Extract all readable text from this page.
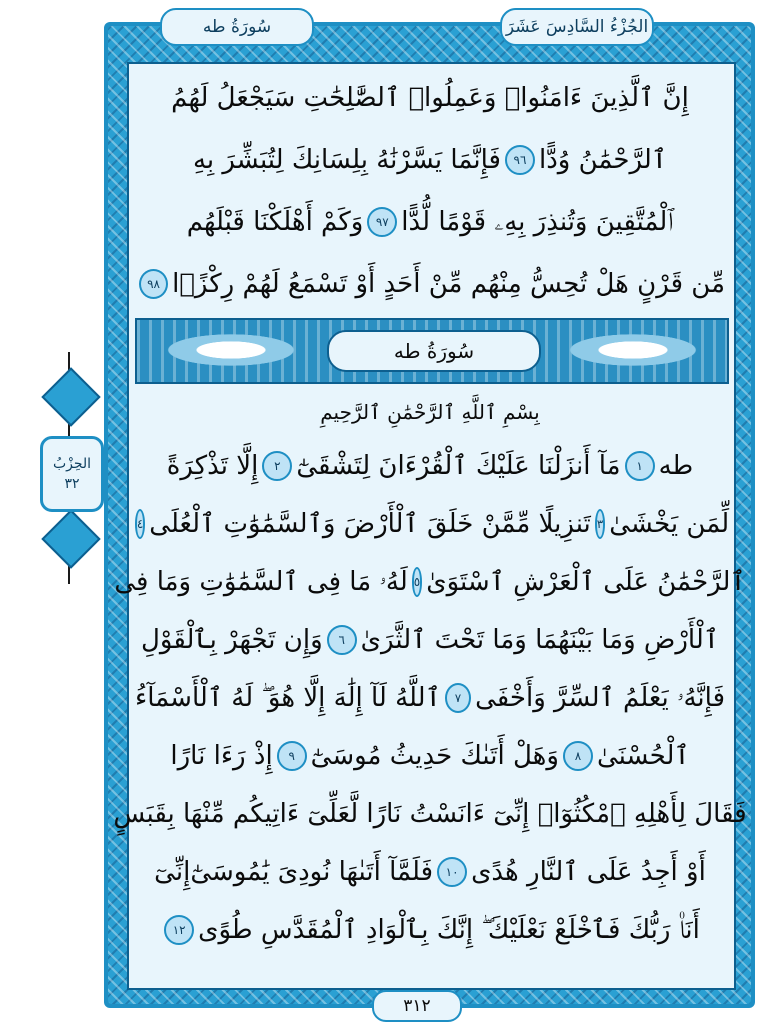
سُورَةُ طه	الجُزْءُ السَّادِسَ عَشَرَ
إِنَّ ٱلَّذِينَ ءَامَنُوا۟ وَعَمِلُوا۟ ٱلصَّٰلِحَٰتِ سَيَجْعَلُ لَهُمُ
ٱلرَّحْمَٰنُ وُدًّا
٩٦
فَإِنَّمَا يَسَّرْنَٰهُ بِلِسَانِكَ لِتُبَشِّرَ بِهِ
ٱلْمُتَّقِينَ وَتُنذِرَ بِهِۦ قَوْمًا لُّدًّا
٩٧
وَكَمْ أَهْلَكْنَا قَبْلَهُم
مِّن قَرْنٍ هَلْ تُحِسُّ مِنْهُم مِّنْ أَحَدٍ أَوْ تَسْمَعُ لَهُمْ رِكْزًۢا
٩٨
سُورَةُ طه
بِسْمِ ٱللَّهِ ٱلرَّحْمَٰنِ ٱلرَّحِيمِ
طه
١
مَآ أَنزَلْنَا عَلَيْكَ ٱلْقُرْءَانَ لِتَشْقَىٰٓ
٢
إِلَّا تَذْكِرَةً
لِّمَن يَخْشَىٰ
٣
تَنزِيلًا مِّمَّنْ خَلَقَ ٱلْأَرْضَ وَٱلسَّمَٰوَٰتِ ٱلْعُلَى
٤
ٱلرَّحْمَٰنُ عَلَى ٱلْعَرْشِ ٱسْتَوَىٰ
٥
لَهُۥ مَا فِى ٱلسَّمَٰوَٰتِ وَمَا فِى
ٱلْأَرْضِ وَمَا بَيْنَهُمَا وَمَا تَحْتَ ٱلثَّرَىٰ
٦
وَإِن تَجْهَرْ بِٱلْقَوْلِ
فَإِنَّهُۥ يَعْلَمُ ٱلسِّرَّ وَأَخْفَى
٧
ٱللَّهُ لَآ إِلَٰهَ إِلَّا هُوَ ۖ لَهُ ٱلْأَسْمَآءُ
ٱلْحُسْنَىٰ
٨
وَهَلْ أَتَىٰكَ حَدِيثُ مُوسَىٰٓ
٩
إِذْ رَءَا نَارًا
فَقَالَ لِأَهْلِهِ ٱمْكُثُوٓا۟ إِنِّىٓ ءَانَسْتُ نَارًا لَّعَلِّىٓ ءَاتِيكُم مِّنْهَا بِقَبَسٍ
أَوْ أَجِدُ عَلَى ٱلنَّارِ هُدًى
١٠
فَلَمَّآ أَتَىٰهَا نُودِىَ يَٰمُوسَىٰٓ
إِنِّىٓ
أَنَا۠ رَبُّكَ فَٱخْلَعْ نَعْلَيْكَ ۖ إِنَّكَ بِٱلْوَادِ ٱلْمُقَدَّسِ طُوًى
١٢
الحِزْبُ
٣٢
٣١٢
